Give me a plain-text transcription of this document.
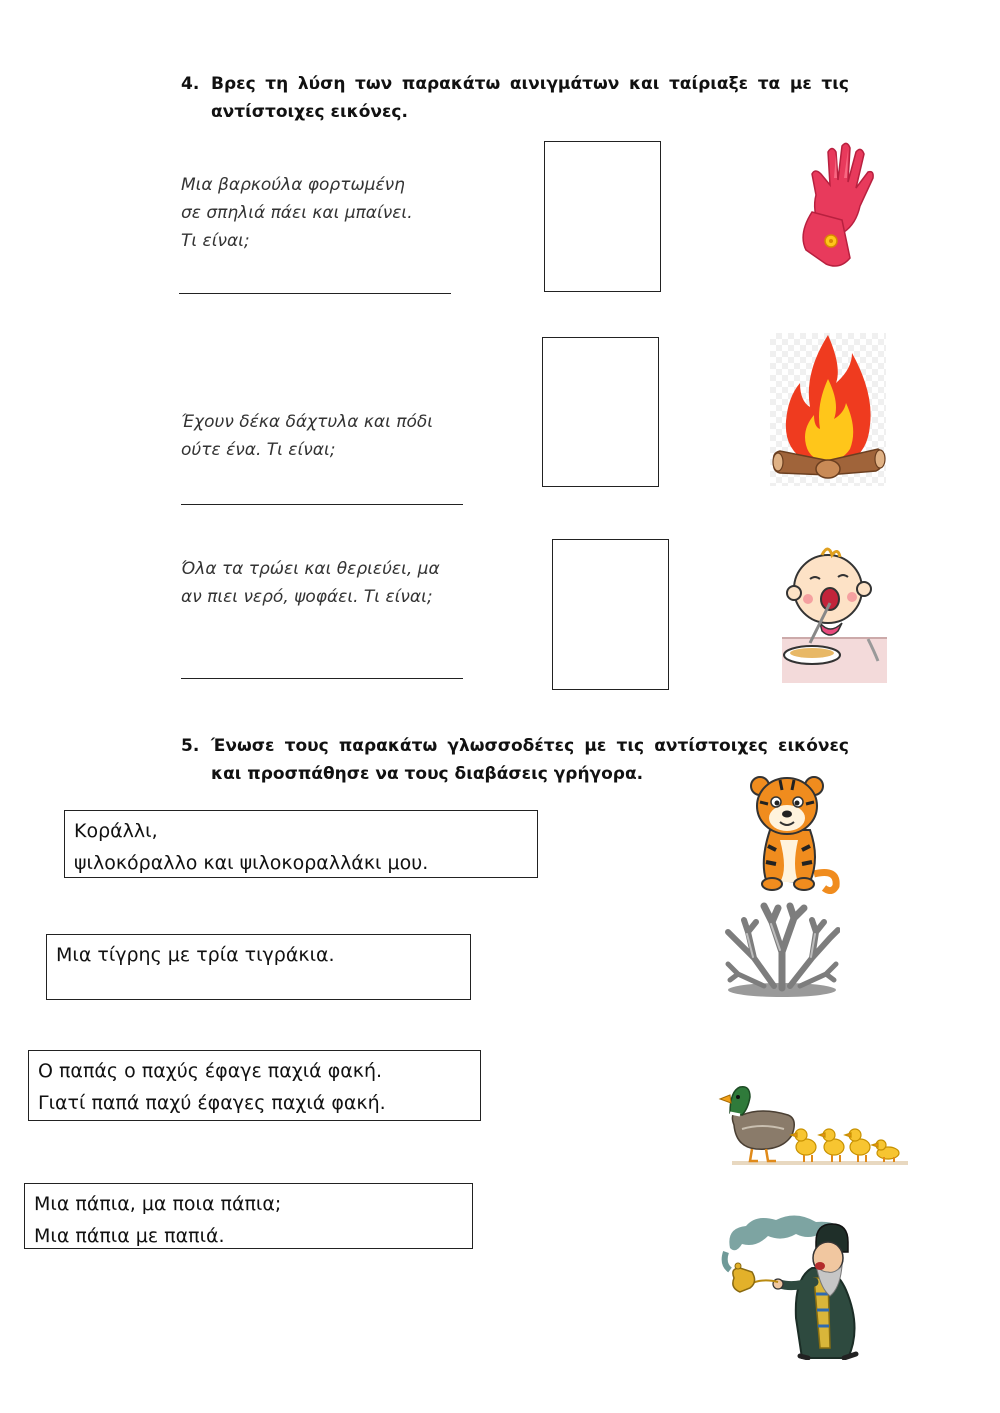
4. Βρες τη λύση των παρακάτω αινιγμάτων και ταίριαξε τα με τις αντίστοιχες εικόνες.
Μια βαρκούλα φορτωμένη
σε σπηλιά πάει και μπαίνει.
Τι είναι;
Έχουν δέκα δάχτυλα και πόδι
ούτε ένα. Τι είναι;
Όλα τα τρώει και θεριεύει, μα
αν πιει νερό, ψοφάει. Τι είναι;
5. Ένωσε τους παρακάτω γλωσσοδέτες με τις αντίστοιχες εικόνες και προσπάθησε να τους διαβάσεις γρήγορα.
Κοράλλι,
ψιλοκόραλλο και ψιλοκοραλλάκι μου.
Μια τίγρης με τρία τιγράκια.
Ο παπάς ο παχύς έφαγε παχιά φακή.
Γιατί παπά παχύ έφαγες παχιά φακή.
Μια πάπια, μα ποια πάπια;
Μια πάπια με παπιά.
